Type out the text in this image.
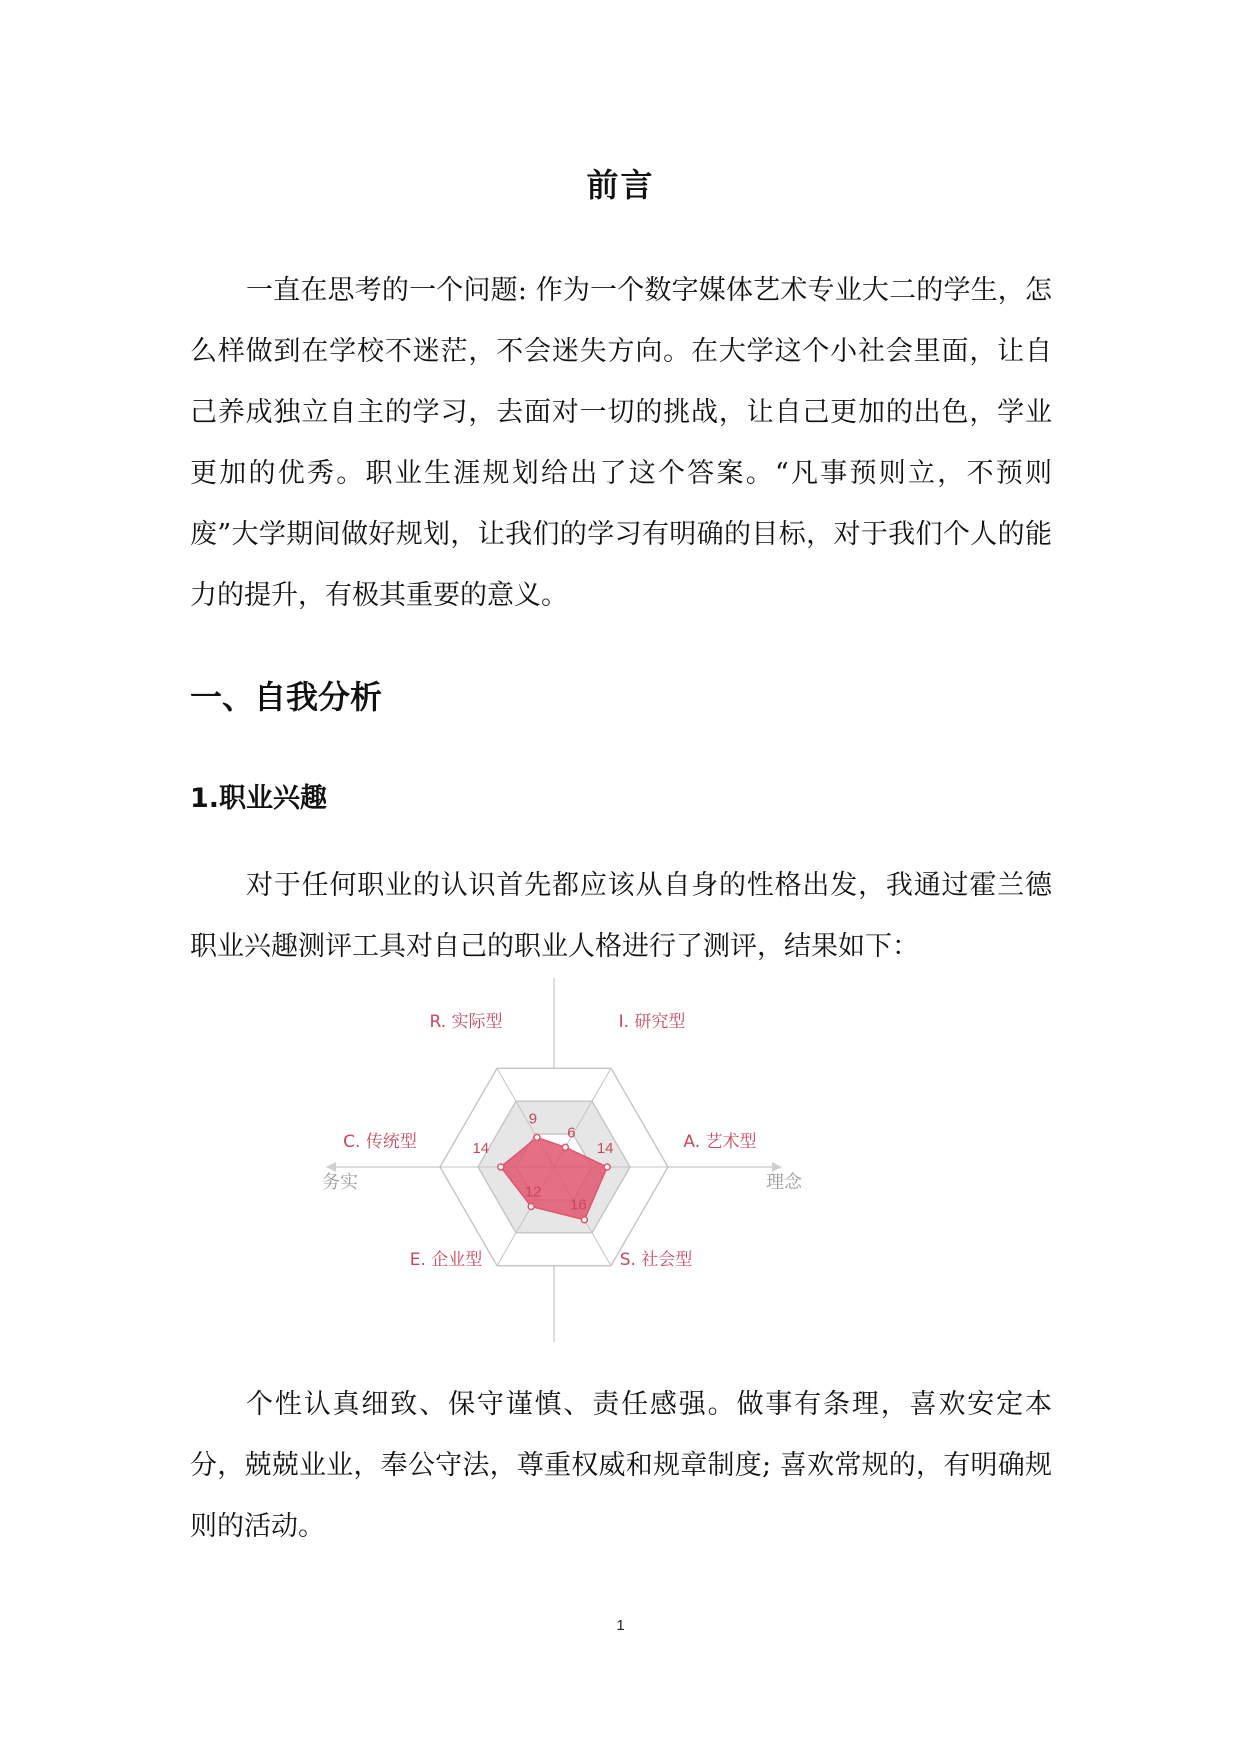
前言

一直在思考的一个问题: 作为一个数字媒体艺术专业大二的学生，怎么样做到在学校不迷茫，不会迷失方向。在大学这个小社会里面，让自己养成独立自主的学习，去面对一切的挑战，让自己更加的出色，学业更加的优秀。职业生涯规划给出了这个答案。“凡事预则立，不预则废”大学期间做好规划，让我们的学习有明确的目标，对于我们个人的能力的提升，有极其重要的意义。

一、自我分析
1.职业兴趣

对于任何职业的认识首先都应该从自身的性格出发，我通过霍兰德职业兴趣测评工具对自己的职业人格进行了测评，结果如下：

9
6
14
16
12
14
R. 实际型	I. 研究型
A. 艺术型
S. 社会型
E. 企业型
C. 传统型
务实	理念

个性认真细致、保守谨慎、责任感强。做事有条理，喜欢安定本分，兢兢业业，奉公守法，尊重权威和规章制度; 喜欢常规的，有明确规则的活动。

1
